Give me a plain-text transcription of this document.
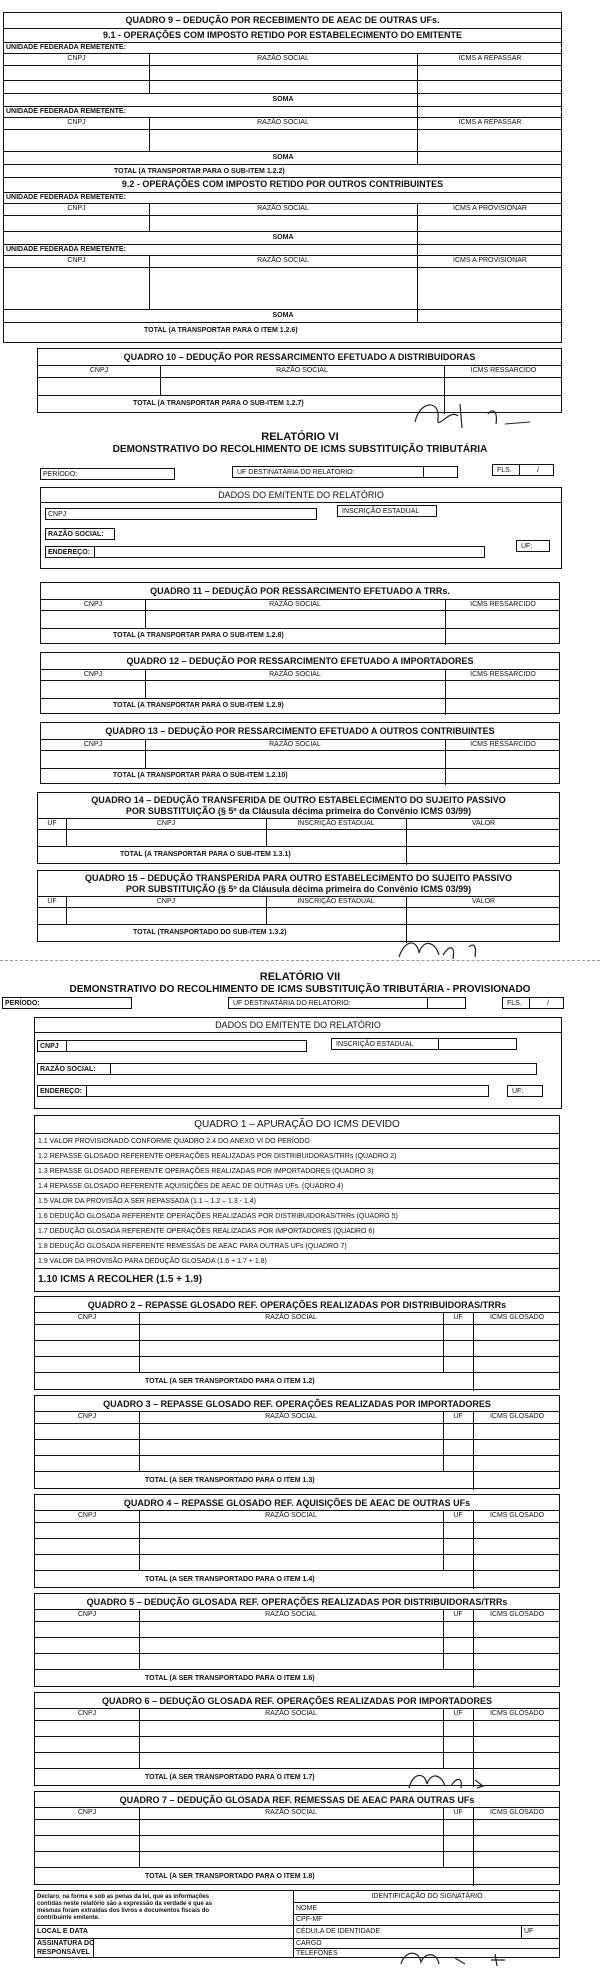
QUADRO 9 – DEDUÇÃO POR RECEBIMENTO DE AEAC DE OUTRAS UFs.
9.1 - OPERAÇÕES COM IMPOSTO RETIDO POR ESTABELECIMENTO DO EMITENTE
UNIDADE FEDERADA REMETENTE:
CNPJ	RAZÃO SOCIAL	ICMS A REPASSAR
SOMA
UNIDADE FEDERADA REMETENTE:
CNPJ	RAZÃO SOCIAL	ICMS A REPASSAR
SOMA
TOTAL (A TRANSPORTAR PARA O SUB-ITEM 1.2.2)
9.2 - OPERAÇÕES COM IMPOSTO RETIDO POR OUTROS CONTRIBUINTES
UNIDADE FEDERADA REMETENTE:
CNPJ	RAZÃO SOCIAL	ICMS A PROVISIONAR
SOMA
UNIDADE FEDERADA REMETENTE:
CNPJ	RAZÃO SOCIAL	ICMS A PROVISIONAR
SOMA
TOTAL (A TRANSPORTAR PARA O ITEM 1.2.6)
QUADRO 10 – DEDUÇÃO POR RESSARCIMENTO EFETUADO A DISTRIBUIDORAS
CNPJ	RAZÃO SOCIAL	ICMS RESSARCIDO
TOTAL (A TRANSPORTAR PARA O SUB-ITEM 1.2.7)
RELATÓRIO VI
DEMONSTRATIVO DO RECOLHIMENTO DE ICMS SUBSTITUIÇÃO TRIBUTÁRIA
PERÍODO:	UF DESTINATÁRIA DO RELATÓRIO:	FLS.	/
DADOS DO EMITENTE DO RELATÓRIO
CNPJ	INSCRIÇÃO ESTADUAL
RAZÃO SOCIAL:
ENDEREÇO:
UF:
QUADRO 11 – DEDUÇÃO POR RESSARCIMENTO EFETUADO A TRRs.
CNPJ	RAZÃO SOCIAL	ICMS RESSARCIDO
TOTAL (A TRANSPORTAR PARA O SUB-ITEM 1.2.8)
QUADRO 12 – DEDUÇÃO POR RESSARCIMENTO EFETUADO A IMPORTADORES
CNPJ	RAZÃO SOCIAL	ICMS RESSARCIDO
TOTAL (A TRANSPORTAR PARA O SUB-ITEM 1.2.9)
QUADRO 13 – DEDUÇÃO POR RESSARCIMENTO EFETUADO A OUTROS CONTRIBUINTES
CNPJ	RAZÃO SOCIAL	ICMS RESSARCIDO
TOTAL (A TRANSPORTAR PARA O SUB-ITEM 1.2.10)
QUADRO 14 – DEDUÇÃO TRANSFERIDA DE OUTRO ESTABELECIMENTO DO SUJEITO PASSIVO
POR SUBSTITUIÇÃO (§ 5º da Cláusula décima primeira do Convênio ICMS 03/99)
UF	CNPJ	INSCRIÇÃO ESTADUAL	VALOR
TOTAL (A TRANSPORTAR PARA O SUB-ITEM 1.3.1)
QUADRO 15 – DEDUÇÃO TRANSPERIDA PARA OUTRO ESTABELECIMENTO DO SUJEITO PASSIVO
POR SUBSTITUIÇÃO (§ 5º da Cláusula décima primeira do Convênio ICMS 03/99)
UF	CNPJ	INSCRIÇÃO ESTADUAL	VALOR
TOTAL (TRANSPORTADO DO SUB-ITEM 1.3.2)
RELATÓRIO VII
DEMONSTRATIVO DO RECOLHIMENTO DE ICMS SUBSTITUIÇÃO TRIBUTÁRIA - PROVISIONADO
PERÍODO:	UF DESTINATÁRIA DO RELATÓRIO:	FLS.	/
DADOS DO EMITENTE DO RELATÓRIO
CNPJ	INSCRIÇÃO ESTADUAL
RAZÃO SOCIAL:
ENDEREÇO:	UF:
QUADRO 1 – APURAÇÃO DO ICMS DEVIDO
1.1 VALOR PROVISIONADO CONFORME QUADRO 2.4 DO ANEXO VI DO PERÍODO
1.2 REPASSE GLOSADO REFERENTE OPERAÇÕES REALIZADAS POR DISTRIBUIDORAS/TRRs (QUADRO 2)
1.3 REPASSE GLOSADO REFERENTE OPERAÇÕES REALIZADAS POR IMPORTADORES (QUADRO 3)
1.4 REPASSE GLOSADO REFERENTE AQUISIÇÕES DE AEAC DE OUTRAS UFs. (QUADRO 4)
1.5 VALOR DA PROVISÃO A SER REPASSADA (1.1 – 1.2 – 1.3 - 1.4)
1.6 DEDUÇÃO GLOSADA REFERENTE OPERAÇÕES REALIZADAS POR DISTRIBUIDORAS/TRRs (QUADRO 5)
1.7 DEDUÇÃO GLOSADA REFERENTE OPERAÇÕES REALIZADAS POR IMPORTADORES (QUADRO 6)
1.8 DEDUÇÃO GLOSADA REFERENTE REMESSAS DE AEAC PARA OUTRAS UFs (QUADRO 7)
1.9 VALOR DA PROVISÃO PARA DEDUÇÃO GLOSADA (1.6 + 1.7 + 1.8)
1.10 ICMS A RECOLHER (1.5 + 1.9)
QUADRO 2 – REPASSE GLOSADO REF. OPERAÇÕES REALIZADAS POR DISTRIBUIDORAS/TRRs
CNPJ	RAZÃO SOCIAL	UF	ICMS GLOSADO
TOTAL (A SER TRANSPORTADO PARA O ITEM 1.2)
QUADRO 3 – REPASSE GLOSADO REF. OPERAÇÕES REALIZADAS POR IMPORTADORES
CNPJ	RAZÃO SOCIAL	UF	ICMS GLOSADO
TOTAL (A SER TRANSPORTADO PARA O ITEM 1.3)
QUADRO 4 – REPASSE GLOSADO REF. AQUISIÇÕES DE AEAC DE OUTRAS UFs
CNPJ	RAZÃO SOCIAL	UF	ICMS GLOSADO
TOTAL (A SER TRANSPORTADO PARA O ITEM 1.4)
QUADRO 5 – DEDUÇÃO GLOSADA REF. OPERAÇÕES REALIZADAS POR DISTRIBUIDORAS/TRRs
CNPJ	RAZÃO SOCIAL	UF	ICMS GLOSADO
TOTAL (A SER TRANSPORTADO PARA O ITEM 1.6)
QUADRO 6 – DEDUÇÃO GLOSADA REF. OPERAÇÕES REALIZADAS POR IMPORTADORES
CNPJ	RAZÃO SOCIAL	UF	ICMS GLOSADO
TOTAL (A SER TRANSPORTADO PARA O ITEM 1.7)
QUADRO 7 – DEDUÇÃO GLOSADA REF. REMESSAS DE AEAC PARA OUTRAS UFs
CNPJ	RAZÃO SOCIAL	UF	ICMS GLOSADO
TOTAL (A SER TRANSPORTADO PARA O ITEM 1.8)
Declaro, na forma e sob as penas da lei, que as informações
contidas neste relatório são a expressão da verdade e que as
mesmas foram extraídas dos livros e documentos fiscais do
contribuinte emitente.
LOCAL E DATA
ASSINATURA DO
RESPONSÁVEL
IDENTIFICAÇÃO DO SIGNATÁRIO
NOME
CPF-MF
CÉDULA DE IDENTIDADE	UF
CARGO
TELEFONES
